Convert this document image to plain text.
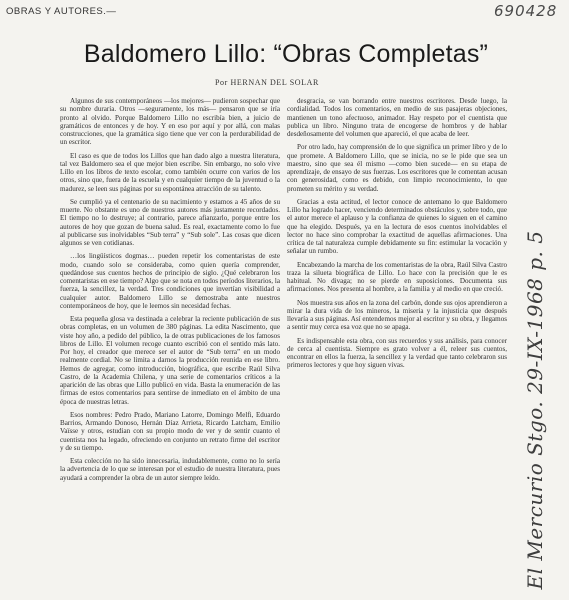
OBRAS Y AUTORES.—	690428
Baldomero Lillo: “Obras Completas”
Por HERNAN DEL SOLAR

Algunos de sus contemporáneos —los mejores— pudieron sospechar que su nombre duraría. Otros —seguramente, los más— pensaron que se iría pronto al olvido. Porque Baldomero Lillo no escribía bien, a juicio de gramáticos de entonces y de hoy. Y en eso por aquí y por allá, con malas construcciones, que la gramática sigo tiene que ver con la perdurabilidad de un escritor.

El caso es que de todos los Lillos que han dado algo a nuestra literatura, tal vez Baldomero sea el que mejor bien escribe. Sin embargo, no solo vive Lillo en los libros de texto escolar, como también ocurre con varios de los otros, sino que, fuera de la escuela y en cualquier tiempo de la juventud o la madurez, se leen sus páginas por su espontánea atracción de su talento.

Se cumplió ya el centenario de su nacimiento y estamos a 45 años de su muerte. No obstante es uno de nuestros autores más justamente recordados. El tiempo no lo destruye; al contrario, parece afianzarlo, porque entre los autores de hoy que gozan de buena salud. Es real, exactamente como lo fue al publicarse sus inolvidables “Sub terra” y “Sub sole”. Las cosas que dicen algunos se ven cotidianas.

…los lingüísticos dogmas… pueden repetir los comentaristas de este modo, cuando solo se consideraba, como quien quería comprender, quedándose sus cuentos hechos de principio de siglo. ¿Qué celebraron los comentaristas en ese tiempo? Algo que se nota en todos períodos literarios, la fuerza, la sencillez, la verdad. Tres condiciones que invertían visibilidad a cualquier autor. Baldomero Lillo se demostraba ante nuestros contemporáneos de hoy, que le leemos sin necesidad fechas.

Esta pequeña glosa va destinada a celebrar la reciente publicación de sus obras completas, en un volumen de 380 páginas. La edita Nascimento, que viste hoy año, a pedido del público, la de otras publicaciones de los famosos libros de Lillo. El volumen recoge cuanto escribió con el sentido más lato. Por hoy, el creador que merece ser el autor de “Sub terra” en un modo realmente cordial. No se limita a darnos la producción reunida en ese libro. Hemos de agregar, como introducción, biográfica, que escribe Raúl Silva Castro, de la Academia Chilena, y una serie de comentarios críticos a la aparición de las obras que Lillo publicó en vida. Basta la enumeración de las firmas de estos comentarios para sentirse de inmediato en el ámbito de una época de nuestras letras.

Esos nombres: Pedro Prado, Mariano Latorre, Domingo Melfi, Eduardo Barrios, Armando Donoso, Hernán Díaz Arrieta, Ricardo Latcham, Emilio Vaïsse y otros, estudian con su propio modo de ver y de sentir cuanto el cuentista nos ha legado, ofreciendo en conjunto un retrato firme del escritor y de su tiempo.

Esta colección no ha sido innecesaria, indudablemente, como no lo sería la advertencia de lo que se interesan por el estudio de nuestra literatura, pues ayudará a comprender la obra de un autor siempre leído.

desgracia, se van borrando entre nuestros escritores. Desde luego, la cordialidad. Todos los comentarios, en medio de sus pasajeras objeciones, mantienen un tono afectuoso, animador. Hay respeto por el cuentista que publica un libro. Ninguno trata de encogerse de hombros y de hablar desdeñosamente del volumen que apareció, el que acaba de leer.

Por otro lado, hay comprensión de lo que significa un primer libro y de lo que promete. A Baldomero Lillo, que se inicia, no se le pide que sea un maestro, sino que sea él mismo —como bien sucede— en su etapa de aprendizaje, de ensayo de sus fuerzas. Los escritores que le comentan acusan con generosidad, como es debido, con limpio reconocimiento, lo que prometen su mérito y su verdad.

Gracias a esta actitud, el lector conoce de antemano lo que Baldomero Lillo ha logrado hacer, venciendo determinados obstáculos y, sobre todo, que el autor merece el aplauso y la confianza de quienes lo siguen en el camino que ha elegido. Después, ya en la lectura de esos cuentos inolvidables el lector no hace sino comprobar la exactitud de aquellas afirmaciones. Una crítica de tal naturaleza cumple debidamente su fin: estimular la vocación y señalar un rumbo.

Encabezando la marcha de los comentaristas de la obra, Raúl Silva Castro traza la silueta biográfica de Lillo. Lo hace con la precisión que le es habitual. No divaga; no se pierde en suposiciones. Documenta sus afirmaciones. Nos presenta al hombre, a la familia y al medio en que creció.

Nos muestra sus años en la zona del carbón, donde sus ojos aprendieron a mirar la dura vida de los mineros, la miseria y la injusticia que después llevaría a sus páginas. Así entendemos mejor al escritor y su obra, y llegamos a sentir muy cerca esa voz que no se apaga.

Es indispensable esta obra, con sus recuerdos y sus análisis, para conocer de cerca al cuentista. Siempre es grato volver a él, releer sus cuentos, encontrar en ellos la fuerza, la sencillez y la verdad que tanto celebraron sus primeros lectores y que hoy siguen vivas.	El Mercurio Stgo. 29-IX-1968 p. 5
